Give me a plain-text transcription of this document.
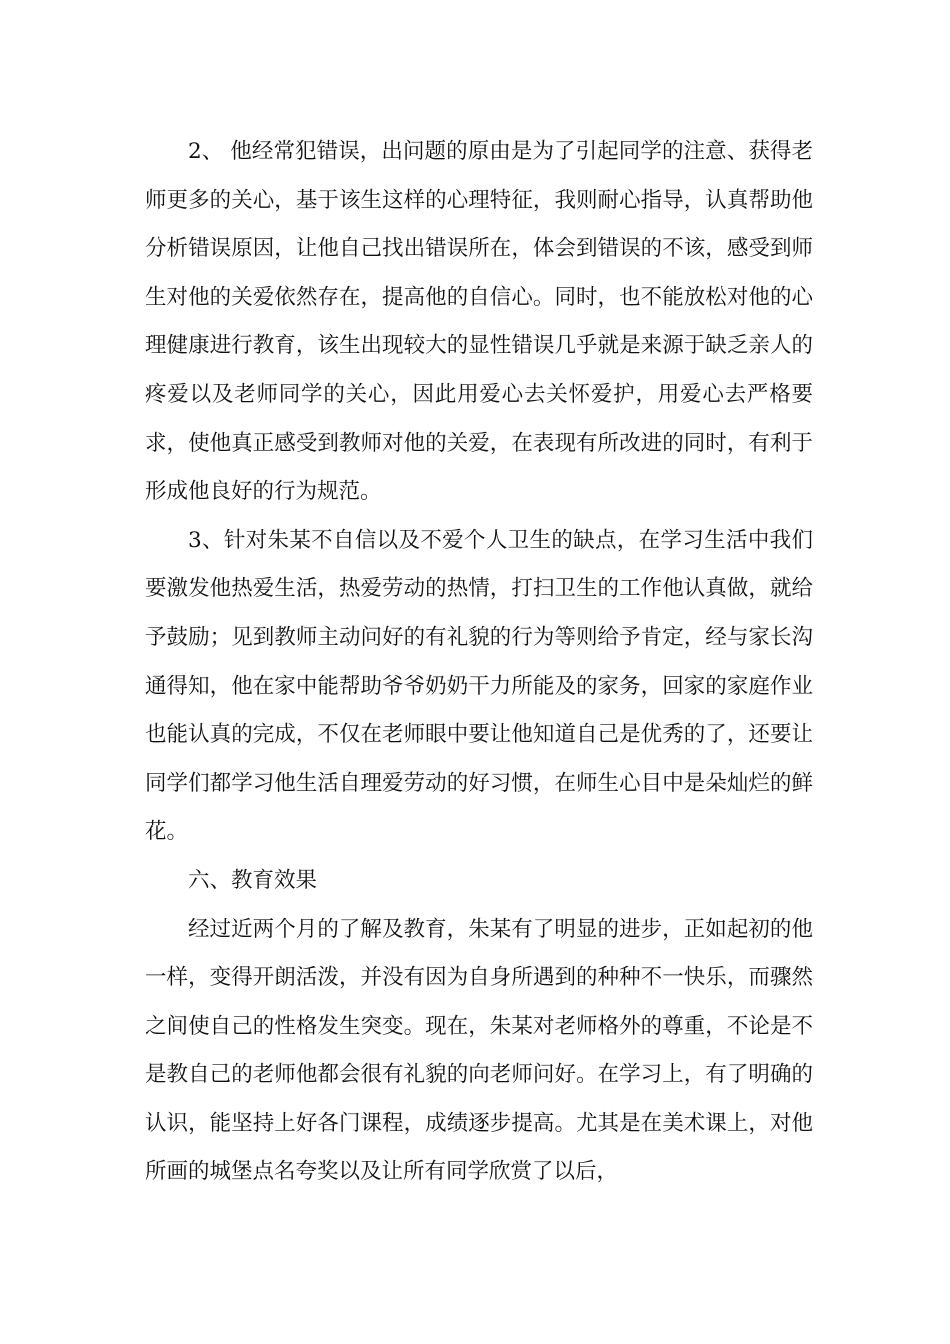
2、 他经常犯错误，出问题的原由是为了引起同学的注意、获得老师更多的关心，基于该生这样的心理特征，我则耐心指导，认真帮助他分析错误原因，让他自己找出错误所在，体会到错误的不该，感受到师生对他的关爱依然存在，提高他的自信心。同时，也不能放松对他的心理健康进行教育，该生出现较大的显性错误几乎就是来源于缺乏亲人的疼爱以及老师同学的关心，因此用爱心去关怀爱护，用爱心去严格要求，使他真正感受到教师对他的关爱，在表现有所改进的同时，有利于形成他良好的行为规范。

3、针对朱某不自信以及不爱个人卫生的缺点，在学习生活中我们要激发他热爱生活，热爱劳动的热情，打扫卫生的工作他认真做，就给予鼓励；见到教师主动问好的有礼貌的行为等则给予肯定，经与家长沟通得知，他在家中能帮助爷爷奶奶干力所能及的家务，回家的家庭作业也能认真的完成，不仅在老师眼中要让他知道自己是优秀的了，还要让同学们都学习他生活自理爱劳动的好习惯，在师生心目中是朵灿烂的鲜花。

六、教育效果

经过近两个月的了解及教育，朱某有了明显的进步，正如起初的他一样，变得开朗活泼，并没有因为自身所遇到的种种不一快乐，而骤然之间使自己的性格发生突变。现在，朱某对老师格外的尊重，不论是不是教自己的老师他都会很有礼貌的向老师问好。在学习上，有了明确的认识，能坚持上好各门课程，成绩逐步提高。尤其是在美术课上，对他所画的城堡点名夸奖以及让所有同学欣赏了以后，
